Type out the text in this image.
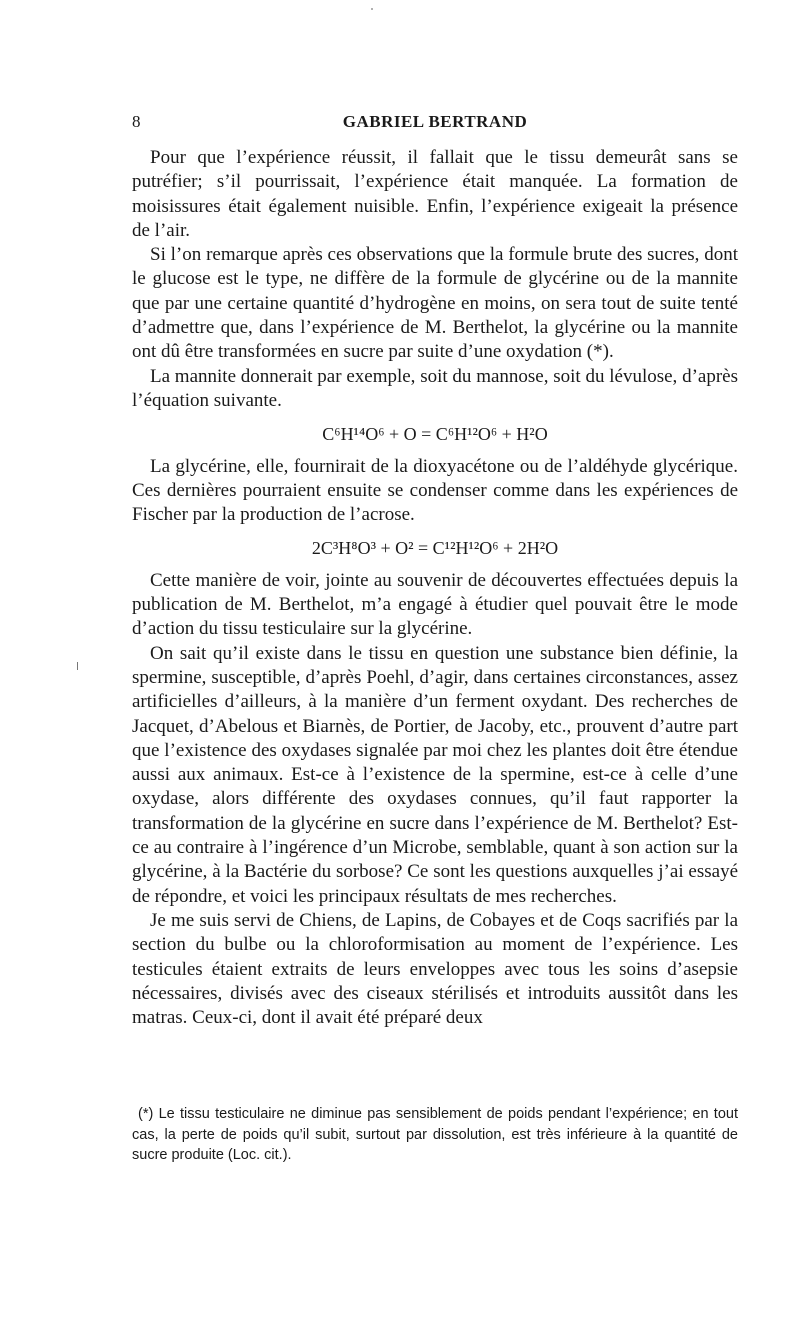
8	GABRIEL BERTRAND

Pour que l’expérience réussit, il fallait que le tissu demeurât sans se putréfier; s’il pourrissait, l’expérience était manquée. La formation de moisissures était également nuisible. Enfin, l’expérience exigeait la présence de l’air.

Si l’on remarque après ces observations que la formule brute des sucres, dont le glucose est le type, ne diffère de la formule de glycérine ou de la mannite que par une certaine quantité d’hydrogène en moins, on sera tout de suite tenté d’admettre que, dans l’expérience de M. Berthelot, la glycérine ou la mannite ont dû être transformées en sucre par suite d’une oxydation (*).

La mannite donnerait par exemple, soit du mannose, soit du lévulose, d’après l’équation suivante.

C⁶H¹⁴O⁶ + O = C⁶H¹²O⁶ + H²O

La glycérine, elle, fournirait de la dioxyacétone ou de l’aldéhyde glycérique. Ces dernières pourraient ensuite se condenser comme dans les expériences de Fischer par la production de l’acrose.

2C³H⁸O³ + O² = C¹²H¹²O⁶ + 2H²O

Cette manière de voir, jointe au souvenir de découvertes effectuées depuis la publication de M. Berthelot, m’a engagé à étudier quel pouvait être le mode d’action du tissu testiculaire sur la glycérine.

On sait qu’il existe dans le tissu en question une substance bien définie, la spermine, susceptible, d’après Poehl, d’agir, dans certaines circonstances, assez artificielles d’ailleurs, à la manière d’un ferment oxydant. Des recherches de Jacquet, d’Abelous et Biarnès, de Portier, de Jacoby, etc., prouvent d’autre part que l’existence des oxydases signalée par moi chez les plantes doit être étendue aussi aux animaux. Est-ce à l’existence de la spermine, est-ce à celle d’une oxydase, alors différente des oxydases connues, qu’il faut rapporter la transformation de la glycérine en sucre dans l’expérience de M. Berthelot? Est-ce au contraire à l’ingérence d’un Microbe, semblable, quant à son action sur la glycérine, à la Bactérie du sorbose? Ce sont les questions auxquelles j’ai essayé de répondre, et voici les principaux résultats de mes recherches.

Je me suis servi de Chiens, de Lapins, de Cobayes et de Coqs sacrifiés par la section du bulbe ou la chloroformisation au moment de l’expérience. Les testicules étaient extraits de leurs enveloppes avec tous les soins d’asepsie nécessaires, divisés avec des ciseaux stérilisés et introduits aussitôt dans les matras. Ceux-ci, dont il avait été préparé deux

(*) Le tissu testiculaire ne diminue pas sensiblement de poids pendant l’expérience; en tout cas, la perte de poids qu’il subit, surtout par dissolution, est très inférieure à la quantité de sucre produite (Loc. cit.).
